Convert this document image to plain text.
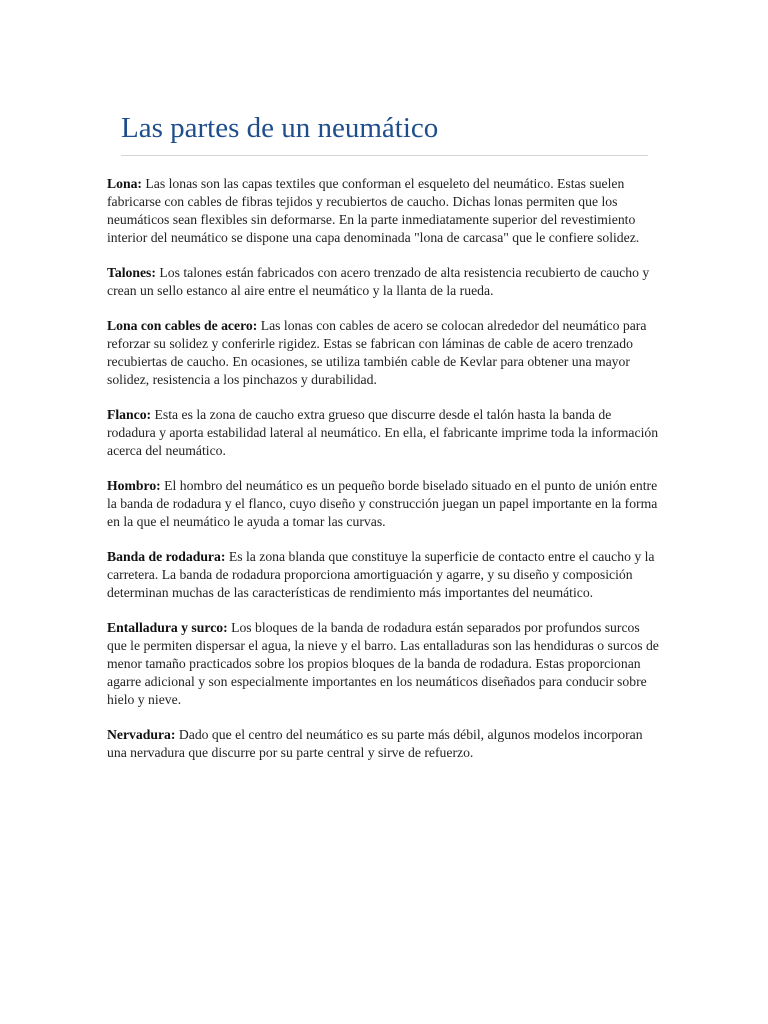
Las partes de un neumático

Lona: Las lonas son las capas textiles que conforman el esqueleto del neumático. Estas suelen fabricarse con cables de fibras tejidos y recubiertos de caucho. Dichas lonas permiten que los neumáticos sean flexibles sin deformarse. En la parte inmediatamente superior del revestimiento interior del neumático se dispone una capa denominada "lona de carcasa" que le confiere solidez.

Talones: Los talones están fabricados con acero trenzado de alta resistencia recubierto de caucho y crean un sello estanco al aire entre el neumático y la llanta de la rueda.

Lona con cables de acero: Las lonas con cables de acero se colocan alrededor del neumático para reforzar su solidez y conferirle rigidez. Estas se fabrican con láminas de cable de acero trenzado recubiertas de caucho. En ocasiones, se utiliza también cable de Kevlar para obtener una mayor solidez, resistencia a los pinchazos y durabilidad.

Flanco: Esta es la zona de caucho extra grueso que discurre desde el talón hasta la banda de rodadura y aporta estabilidad lateral al neumático. En ella, el fabricante imprime toda la información acerca del neumático.

Hombro: El hombro del neumático es un pequeño borde biselado situado en el punto de unión entre la banda de rodadura y el flanco, cuyo diseño y construcción juegan un papel importante en la forma en la que el neumático le ayuda a tomar las curvas.

Banda de rodadura: Es la zona blanda que constituye la superficie de contacto entre el caucho y la carretera. La banda de rodadura proporciona amortiguación y agarre, y su diseño y composición determinan muchas de las características de rendimiento más importantes del neumático.

Entalladura y surco: Los bloques de la banda de rodadura están separados por profundos surcos que le permiten dispersar el agua, la nieve y el barro. Las entalladuras son las hendiduras o surcos de menor tamaño practicados sobre los propios bloques de la banda de rodadura. Estas proporcionan agarre adicional y son especialmente importantes en los neumáticos diseñados para conducir sobre hielo y nieve.

Nervadura: Dado que el centro del neumático es su parte más débil, algunos modelos incorporan una nervadura que discurre por su parte central y sirve de refuerzo.
